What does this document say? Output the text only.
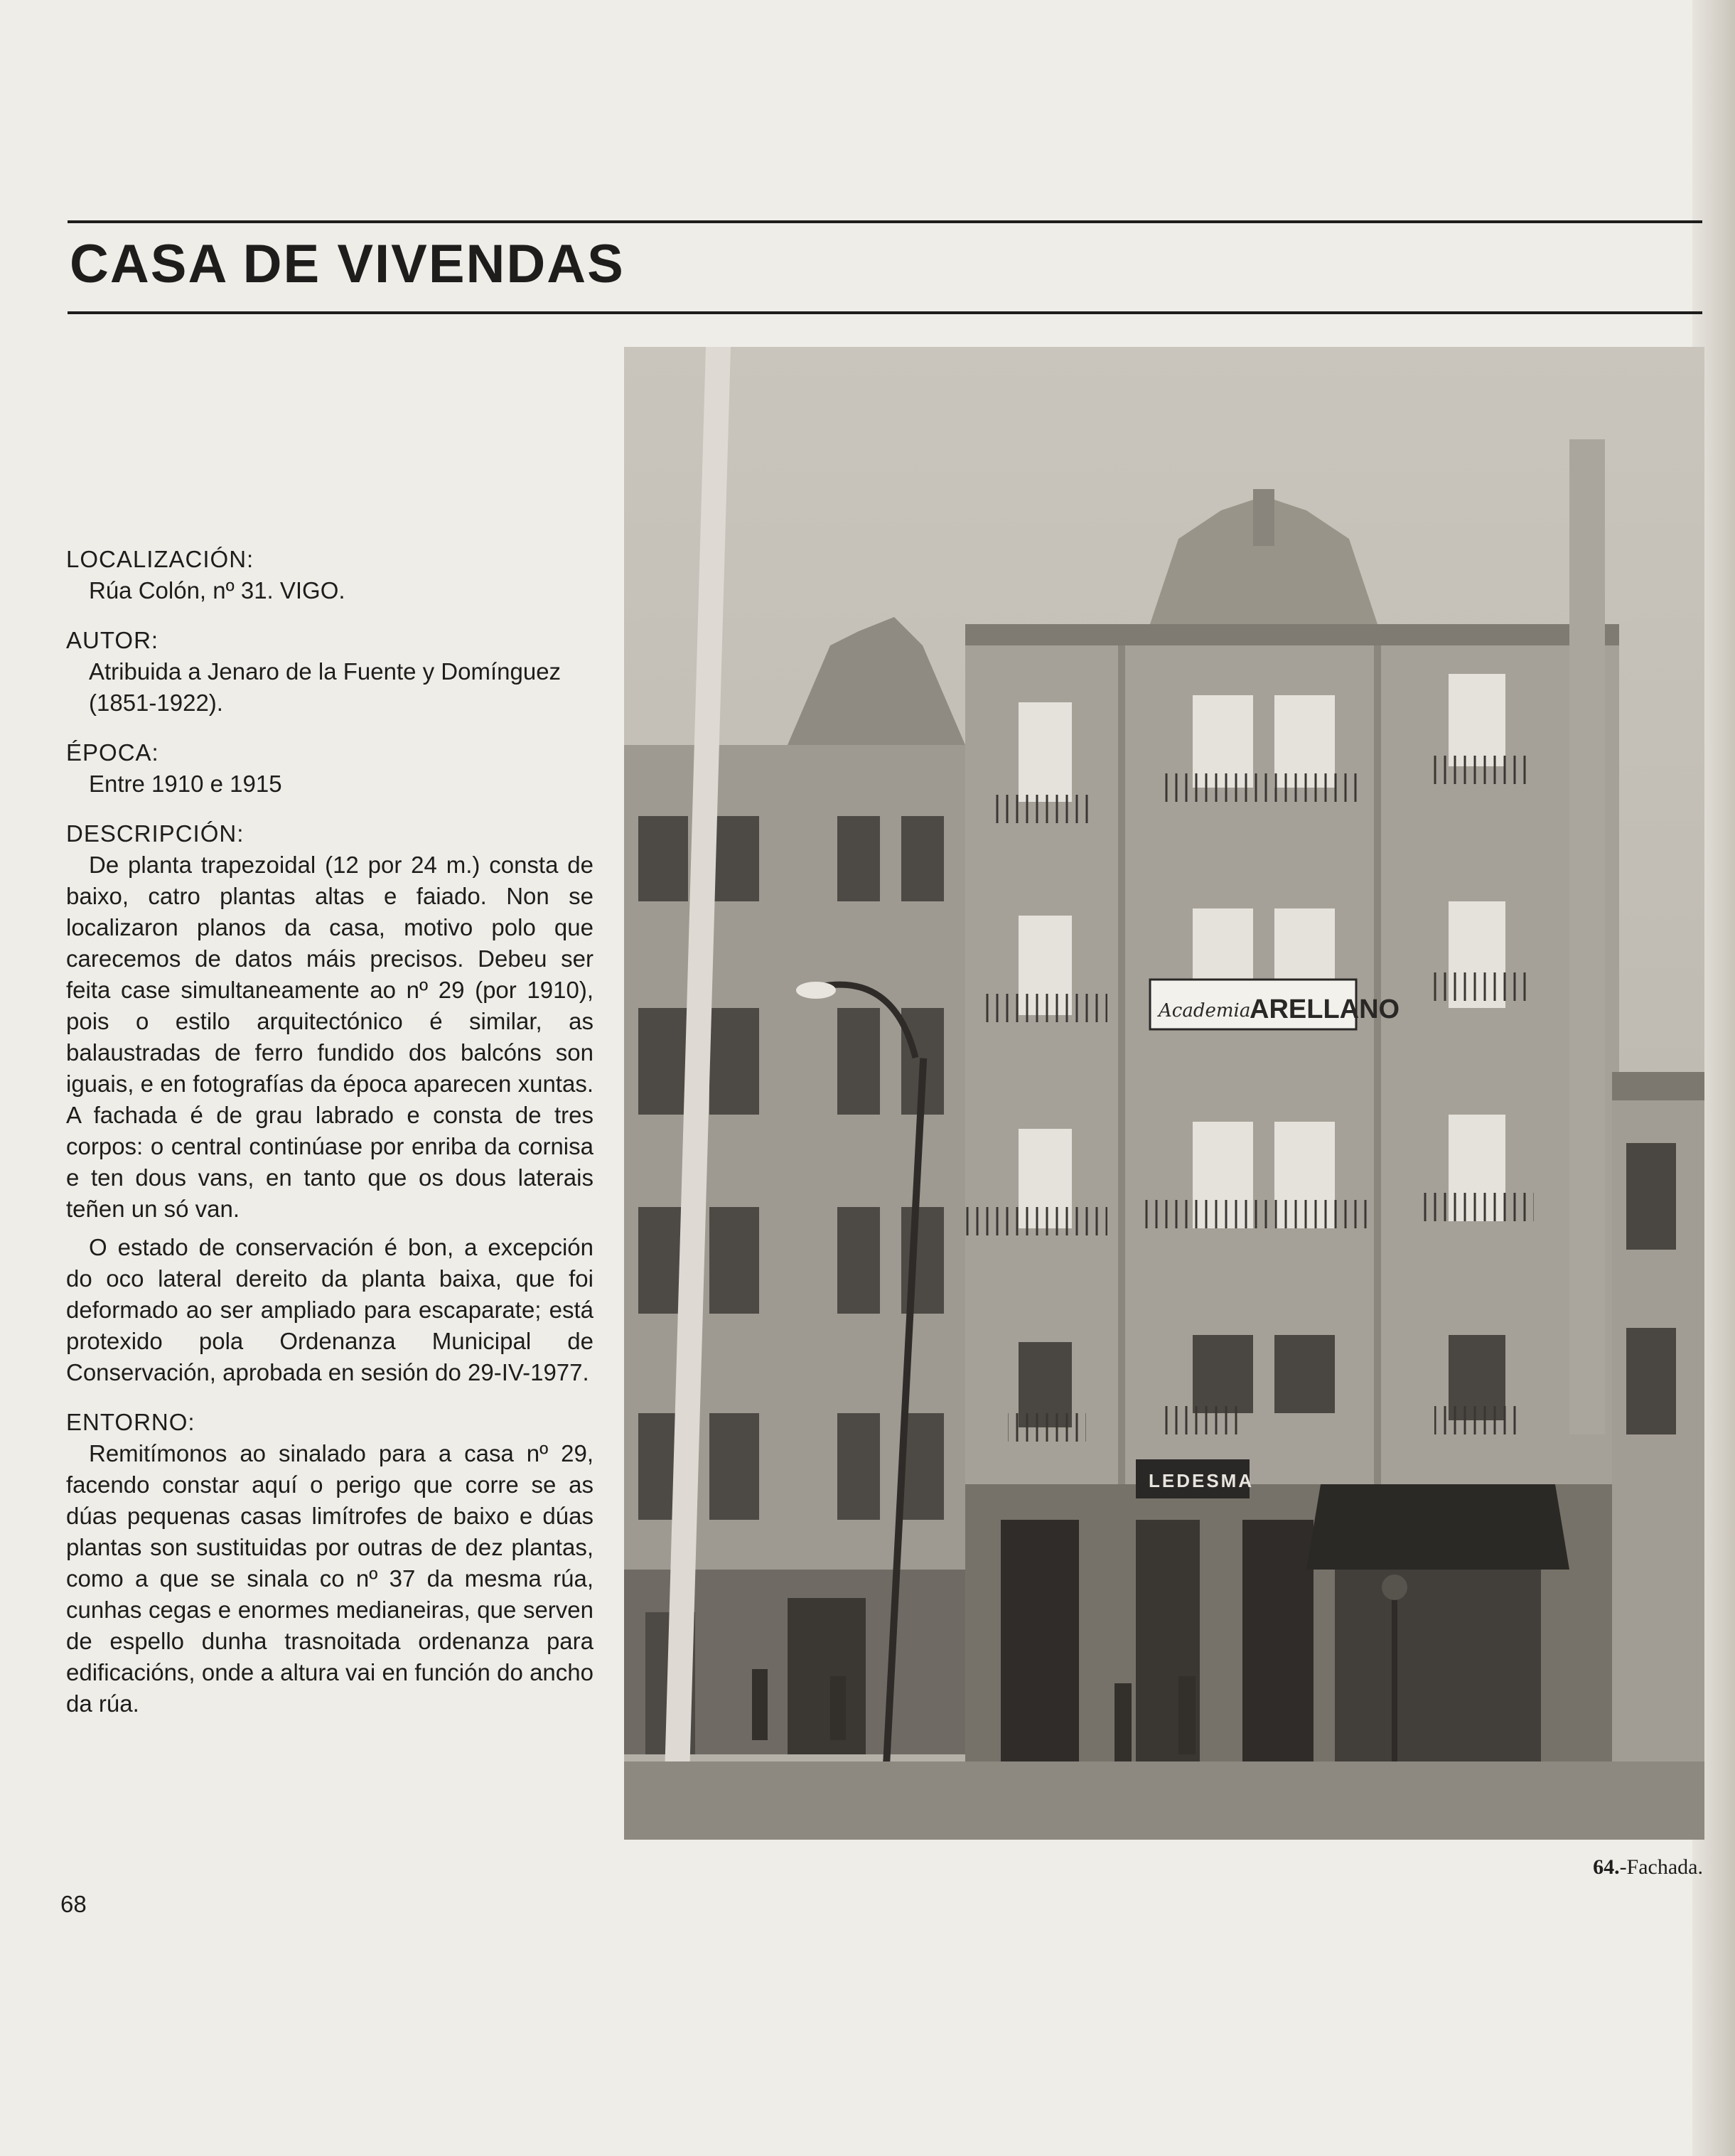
CASA DE VIVENDAS
LOCALIZACIÓN:
Rúa Colón, nº 31. VIGO.
AUTOR:
Atribuida a Jenaro de la Fuente y Domínguez (1851-1922).
ÉPOCA:
Entre 1910 e 1915
DESCRIPCIÓN:

De planta trapezoidal (12 por 24 m.) consta de baixo, catro plantas altas e faiado. Non se localizaron planos da casa, motivo polo que carecemos de datos máis precisos. Debeu ser feita case simultaneamente ao nº 29 (por 1910), pois o estilo arquitectónico é similar, as balaustradas de ferro fundido dos balcóns son iguais, e en fotografías da época aparecen xuntas. A fachada é de grau labrado e consta de tres corpos: o central continúase por enriba da cornisa e ten dous vans, en tanto que os dous laterais teñen un só van.

O estado de conservación é bon, a excepción do oco lateral dereito da planta baixa, que foi deformado ao ser ampliado para escaparate; está protexido pola Ordenanza Municipal de Conservación, aprobada en sesión do 29-IV-1977.

ENTORNO:

Remitímonos ao sinalado para a casa nº 29, facendo constar aquí o perigo que corre se as dúas pequenas casas limítrofes de baixo e dúas plantas son sustituidas por outras de dez plantas, como a que se sinala co nº 37 da mesma rúa, cunhas cegas e enormes medianeiras, que serven de espello dunha trasnoitada ordenanza para edificacións, onde a altura vai en función do ancho da rúa.

68
Academia
ARELLANO
LEDESMA
64.-Fachada.
